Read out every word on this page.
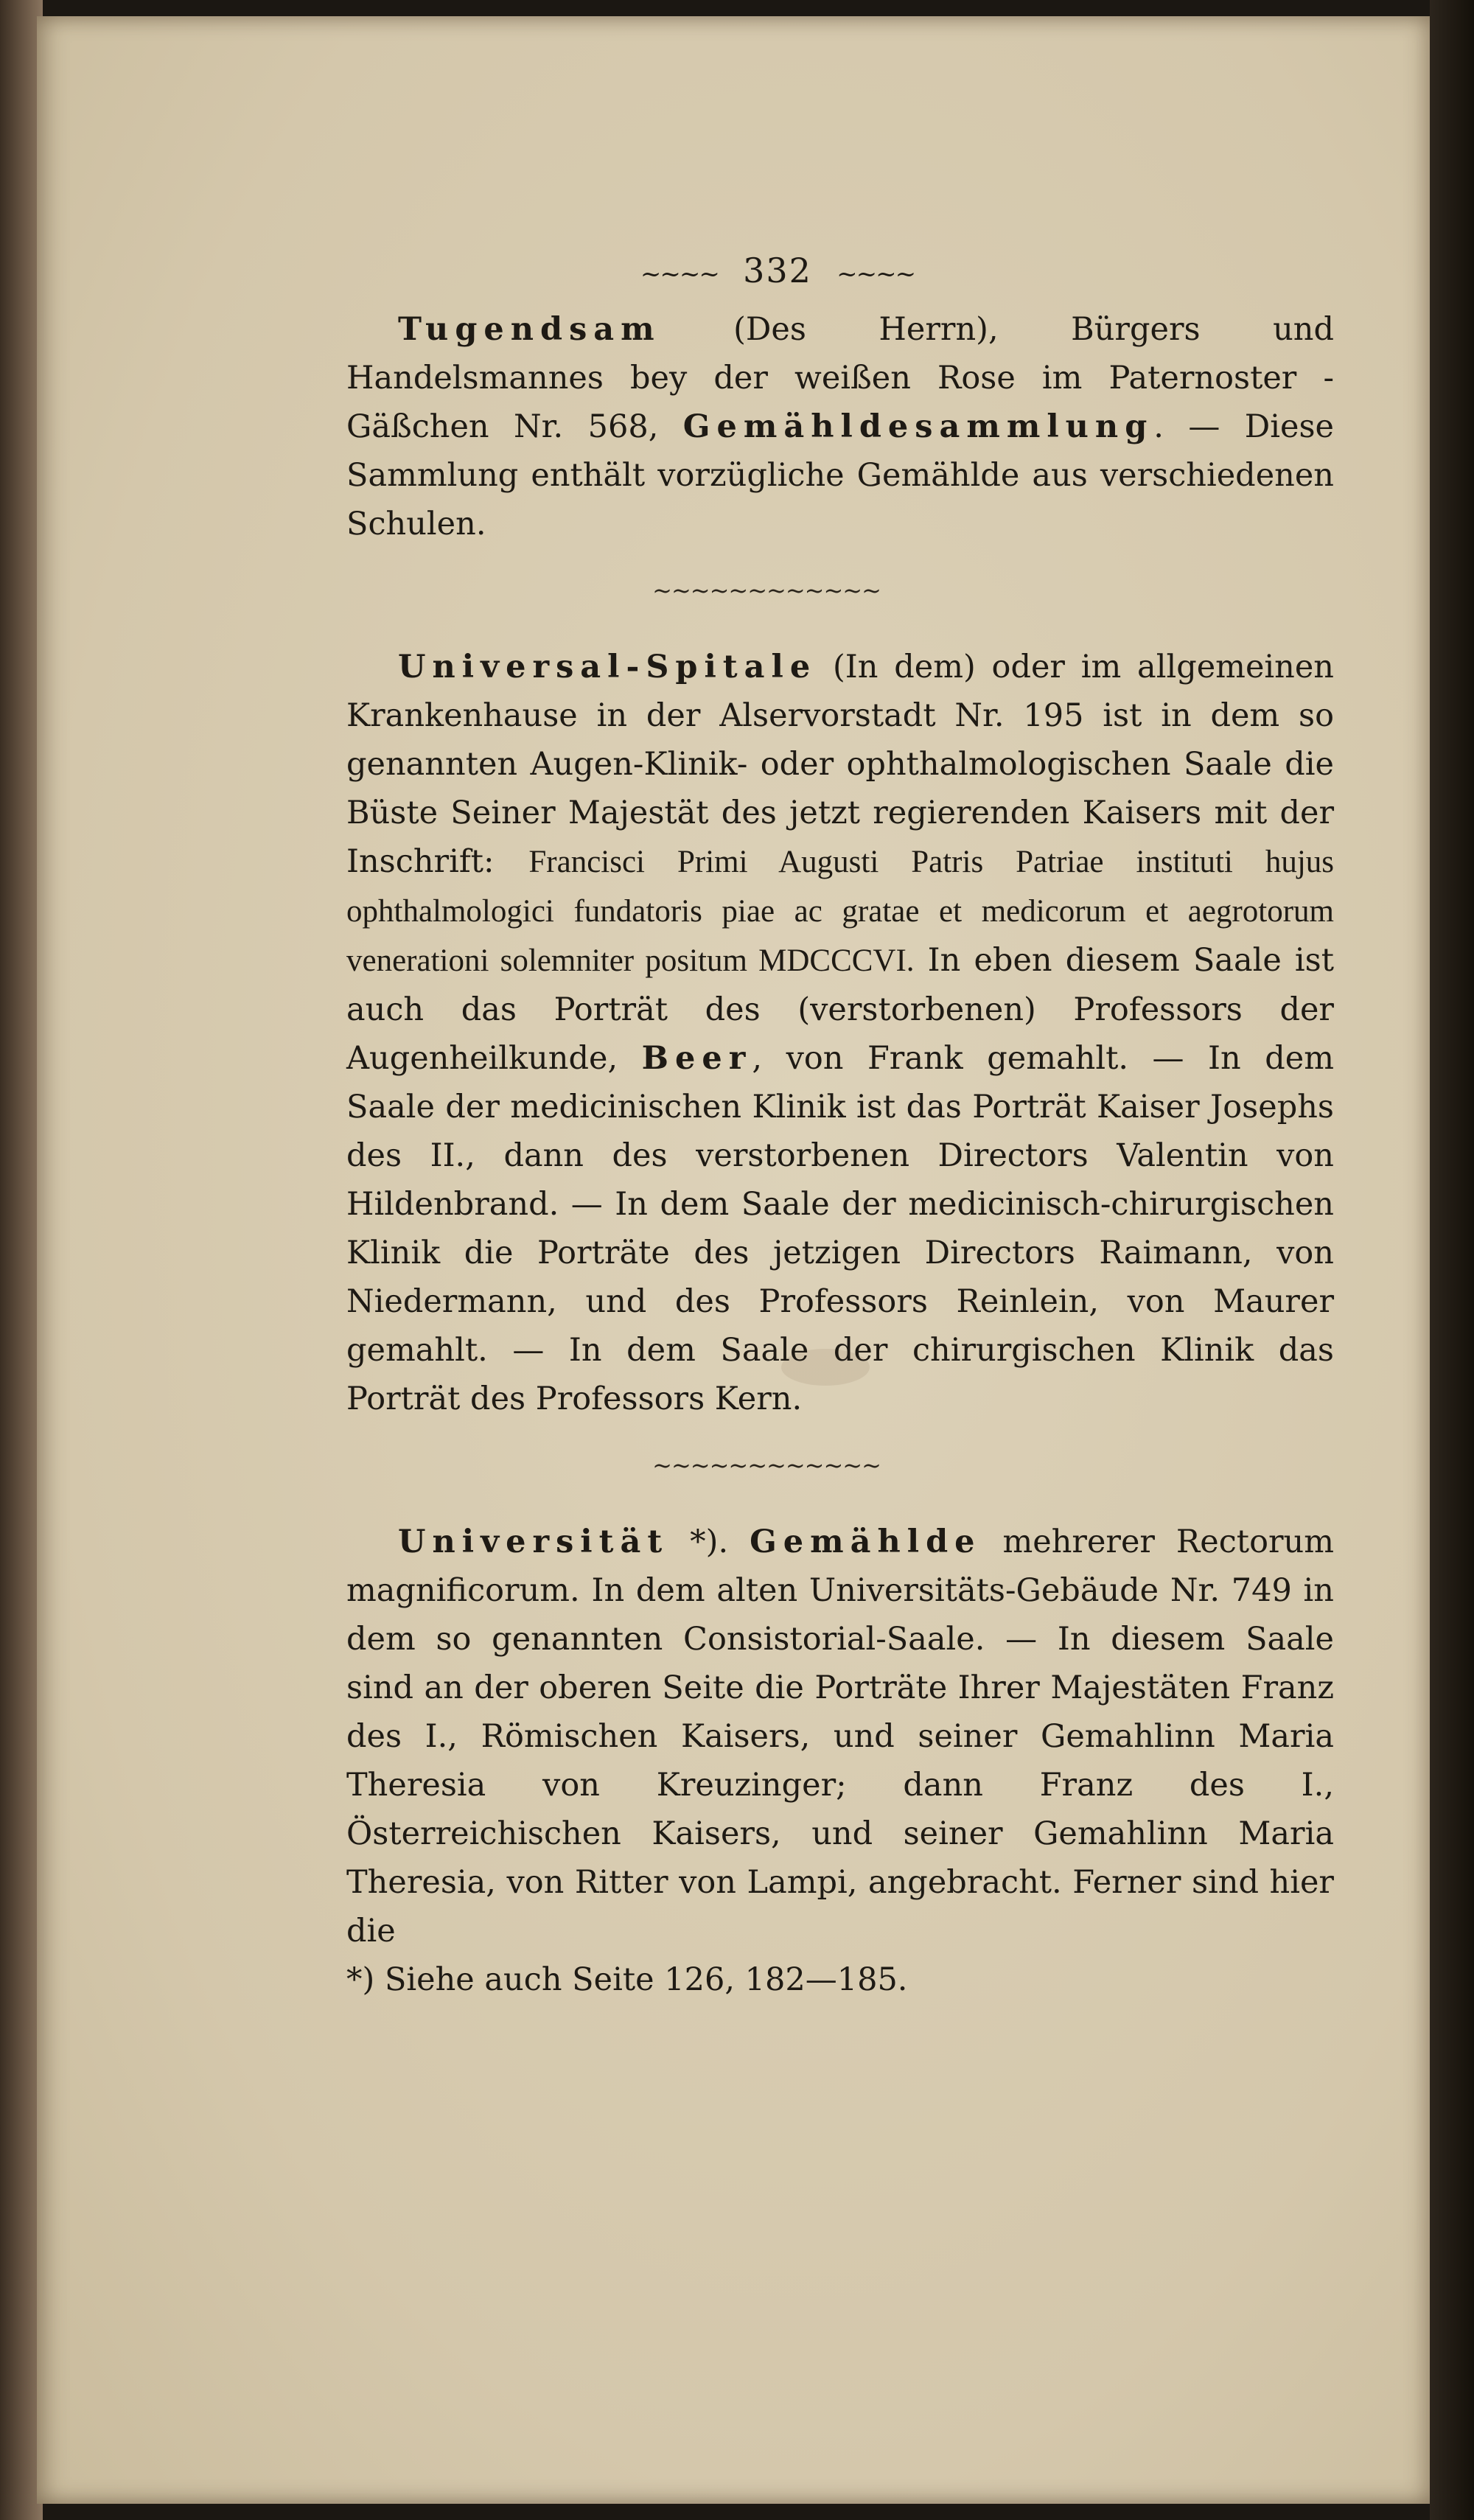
~~~~ 332 ~~~~

Tugendsam (Des Herrn), Bürgers und Handelsmannes bey der weißen Rose im Paternoster - Gäßchen Nr. 568, Gemähldesammlung. — Diese Sammlung enthält vorzügliche Gemählde aus verschiedenen Schulen.

~~~~~~~~~~~~

Universal-Spitale (In dem) oder im allgemeinen Krankenhause in der Alservorstadt Nr. 195 ist in dem so genannten Augen-Klinik- oder ophthalmologischen Saale die Büste Seiner Majestät des jetzt regierenden Kaisers mit der Inschrift: Francisci Primi Augusti Patris Patriae instituti hujus ophthalmologici fundatoris piae ac gratae et medicorum et aegrotorum venerationi solemniter positum MDCCCVI. In eben diesem Saale ist auch das Porträt des (verstorbenen) Professors der Augenheilkunde, Beer, von Frank gemahlt. — In dem Saale der medicinischen Klinik ist das Porträt Kaiser Josephs des II., dann des verstorbenen Directors Valentin von Hildenbrand. — In dem Saale der medicinisch-chirurgischen Klinik die Porträte des jetzigen Directors Raimann, von Niedermann, und des Professors Reinlein, von Maurer gemahlt. — In dem Saale der chirurgischen Klinik das Porträt des Professors Kern.

~~~~~~~~~~~~

Universität *). Gemählde mehrerer Rectorum magnificorum. In dem alten Universitäts-Gebäude Nr. 749 in dem so genannten Consistorial-Saale. — In diesem Saale sind an der oberen Seite die Porträte Ihrer Majestäten Franz des I., Römischen Kaisers, und seiner Gemahlinn Maria Theresia von Kreuzinger; dann Franz des I., Österreichischen Kaisers, und seiner Gemahlinn Maria Theresia, von Ritter von Lampi, angebracht. Ferner sind hier die

*) Siehe auch Seite 126, 182—185.
